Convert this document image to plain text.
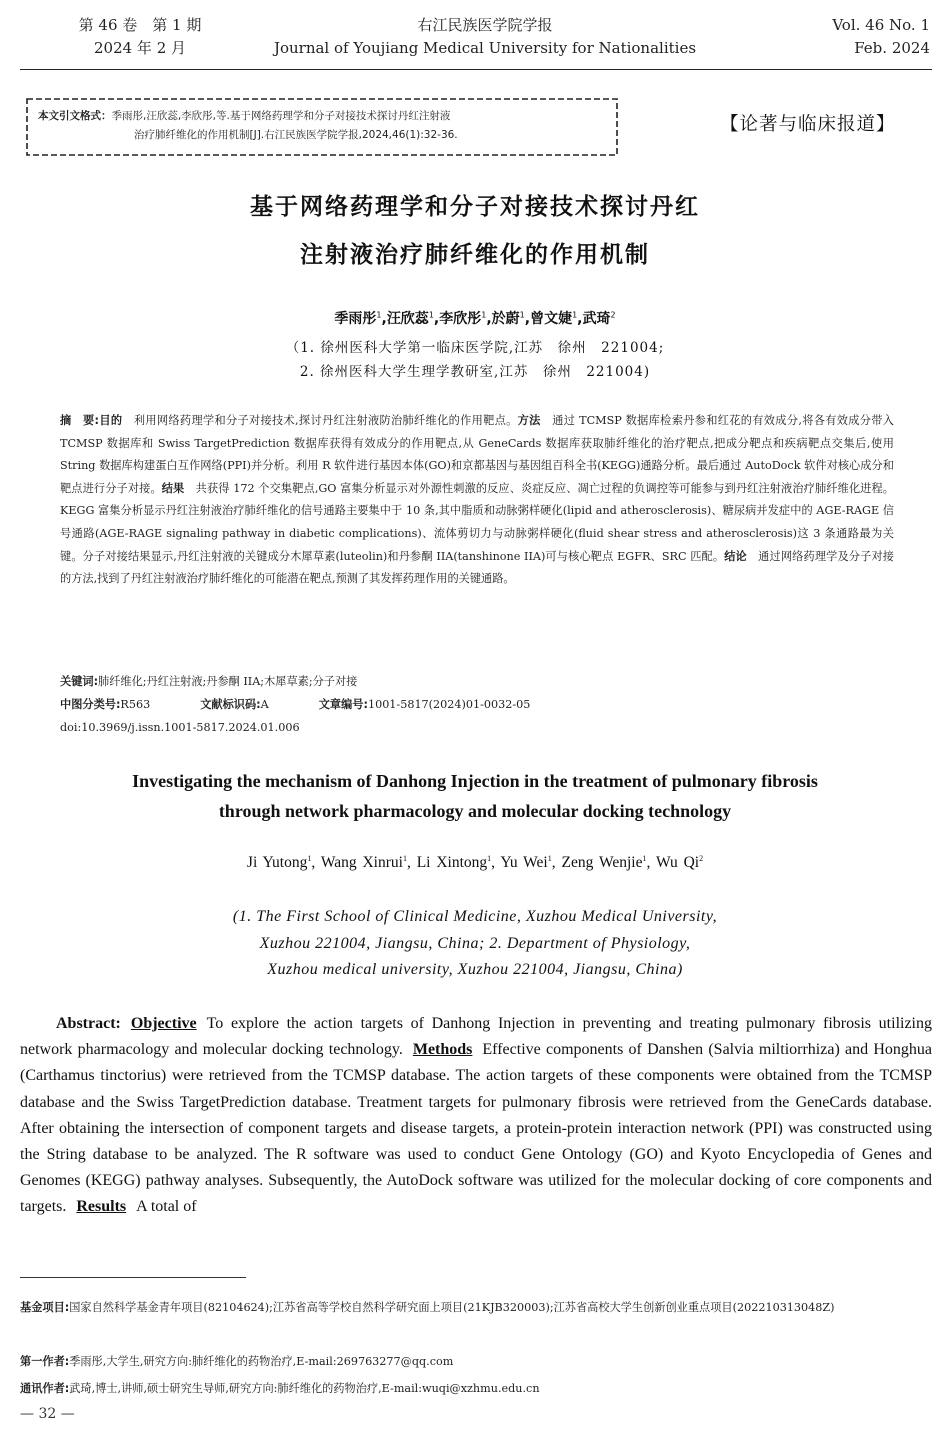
第 46 卷　第 1 期
2024 年 2 月
右江民族医学院学报
Journal of Youjiang Medical University for Nationalities
Vol. 46 No. 1
Feb. 2024
本文引文格式：季雨彤,汪欣蕊,李欣彤,等.基于网络药理学和分子对接技术探讨丹红注射液
治疗肺纤维化的作用机制[J].右江民族医学院学报,2024,46(1):32-36.	【论著与临床报道】
基于网络药理学和分子对接技术探讨丹红
注射液治疗肺纤维化的作用机制
季雨彤$^1$,汪欣蕊$^1$,李欣彤$^1$,於蔚$^1$,曾文婕$^1$,武琦$^2$
（1. 徐州医科大学第一临床医学院,江苏　徐州　221004;
2. 徐州医科大学生理学教研室,江苏　徐州　221004)
摘　要:目的　利用网络药理学和分子对接技术,探讨丹红注射液防治肺纤维化的作用靶点。方法　通过 TCMSP 数据库检索丹参和红花的有效成分,将各有效成分带入 TCMSP 数据库和 Swiss TargetPrediction 数据库获得有效成分的作用靶点,从 GeneCards 数据库获取肺纤维化的治疗靶点,把成分靶点和疾病靶点交集后,使用 String 数据库构建蛋白互作网络(PPI)并分析。利用 R 软件进行基因本体(GO)和京都基因与基因组百科全书(KEGG)通路分析。最后通过 AutoDock 软件对核心成分和靶点进行分子对接。结果　共获得 172 个交集靶点,GO 富集分析显示对外源性刺激的反应、炎症反应、凋亡过程的负调控等可能参与到丹红注射液治疗肺纤维化进程。KEGG 富集分析显示丹红注射液治疗肺纤维化的信号通路主要集中于 10 条,其中脂质和动脉粥样硬化(lipid and atherosclerosis)、糖尿病并发症中的 AGE-RAGE 信号通路(AGE-RAGE signaling pathway in diabetic complications)、流体剪切力与动脉粥样硬化(fluid shear stress and atherosclerosis)这 3 条通路最为关键。分子对接结果显示,丹红注射液的关键成分木犀草素(luteolin)和丹参酮 IIA(tanshinone IIA)可与核心靶点 EGFR、SRC 匹配。结论　通过网络药理学及分子对接的方法,找到了丹红注射液治疗肺纤维化的可能潜在靶点,预测了其发挥药理作用的关键通路。
关键词:肺纤维化;丹红注射液;丹参酮 IIA;木犀草素;分子对接
中图分类号:R563	文献标识码:A	文章编号:1001-5817(2024)01-0032-05
doi:10.3969/j.issn.1001-5817.2024.01.006
Investigating the mechanism of Danhong Injection in the treatment of pulmonary fibrosis
through network pharmacology and molecular docking technology
Ji Yutong$^1$, Wang Xinrui$^1$, Li Xintong$^1$, Yu Wei$^1$, Zeng Wenjie$^1$, Wu Qi$^2$
(1. The First School of Clinical Medicine, Xuzhou Medical University,
Xuzhou 221004, Jiangsu, China; 2. Department of Physiology,
Xuzhou medical university, Xuzhou 221004, Jiangsu, China)
Abstract: Objective To explore the action targets of Danhong Injection in preventing and treating pulmonary fibrosis utilizing network pharmacology and molecular docking technology. Methods Effective components of Danshen (Salvia miltiorrhiza) and Honghua (Carthamus tinctorius) were retrieved from the TCMSP database. The action targets of these components were obtained from the TCMSP database and the Swiss TargetPrediction database. Treatment targets for pulmonary fibrosis were retrieved from the GeneCards database. After obtaining the intersection of component targets and disease targets, a protein-protein interaction network (PPI) was constructed using the String database to be analyzed. The R software was used to conduct Gene Ontology (GO) and Kyoto Encyclopedia of Genes and Genomes (KEGG) pathway analyses. Subsequently, the AutoDock software was utilized for the molecular docking of core components and targets. Results A total of
基金项目:国家自然科学基金青年项目(82104624);江苏省高等学校自然科学研究面上项目(21KJB320003);江苏省高校大学生创新创业重点项目(202210313048Z)
第一作者:季雨彤,大学生,研究方向:肺纤维化的药物治疗,E-mail:269763277@qq.com
通讯作者:武琦,博士,讲师,硕士研究生导师,研究方向:肺纤维化的药物治疗,E-mail:wuqi@xzhmu.edu.cn
— 32 —
